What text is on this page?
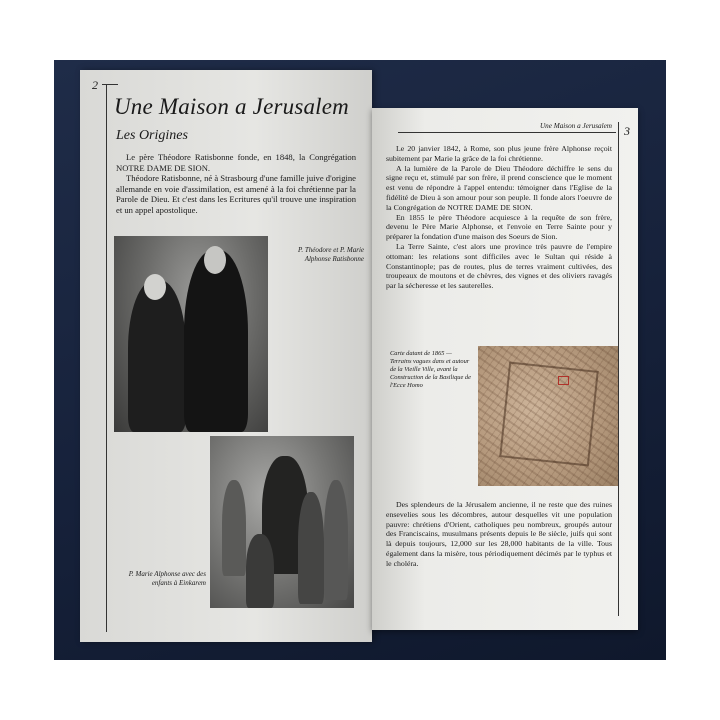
2
Une Maison a Jerusalem
Les Origines

Le père Théodore Ratisbonne fonde, en 1848, la Congrégation NOTRE DAME DE SION.

Théodore Ratisbonne, né à Strasbourg d'une famille juive d'origine allemande en voie d'assimilation, est amené à la foi chrétienne par la Parole de Dieu. Et c'est dans les Ecritures qu'il trouve une inspiration et un appel apostolique.

P. Théodore et P. Marie Alphonse Ratisbonne
P. Marie Alphonse avec des enfants à Einkarem
Une Maison a Jerusalem 3

Le 20 janvier 1842, à Rome, son plus jeune frère Alphonse reçoit subitement par Marie la grâce de la foi chrétienne.

A la lumière de la Parole de Dieu Théodore déchiffre le sens du signe reçu et, stimulé par son frère, il prend conscience que le moment est venu de répondre à l'appel entendu: témoigner dans l'Eglise de la fidélité de Dieu à son amour pour son peuple. Il fonde alors l'oeuvre de la Congrégation de NOTRE DAME DE SION.

En 1855 le père Théodore acquiesce à la requête de son frère, devenu le Père Marie Alphonse, et l'envoie en Terre Sainte pour y préparer la fondation d'une maison des Soeurs de Sion.

La Terre Sainte, c'est alors une province très pauvre de l'empire ottoman: les relations sont difficiles avec le Sultan qui réside à Constantinople; pas de routes, plus de terres vraiment cultivées, des troupeaux de moutons et de chèvres, des vignes et des oliviers ravagés par la sécheresse et les sauterelles.

Carte datant de 1865 — Terrains vagues dans et autour de la Vieille Ville, avant la Construction de la Basilique de l'Ecce Homo

Des splendeurs de la Jérusalem ancienne, il ne reste que des ruines ensevelies sous les décombres, autour desquelles vit une population pauvre: chrétiens d'Orient, catholiques peu nombreux, groupés autour des Franciscains, musulmans présents depuis le 8e siècle, juifs qui sont là depuis toujours, 12,000 sur les 28,000 habitants de la ville. Tous également dans la misère, tous périodiquement décimés par le typhus et le choléra.
